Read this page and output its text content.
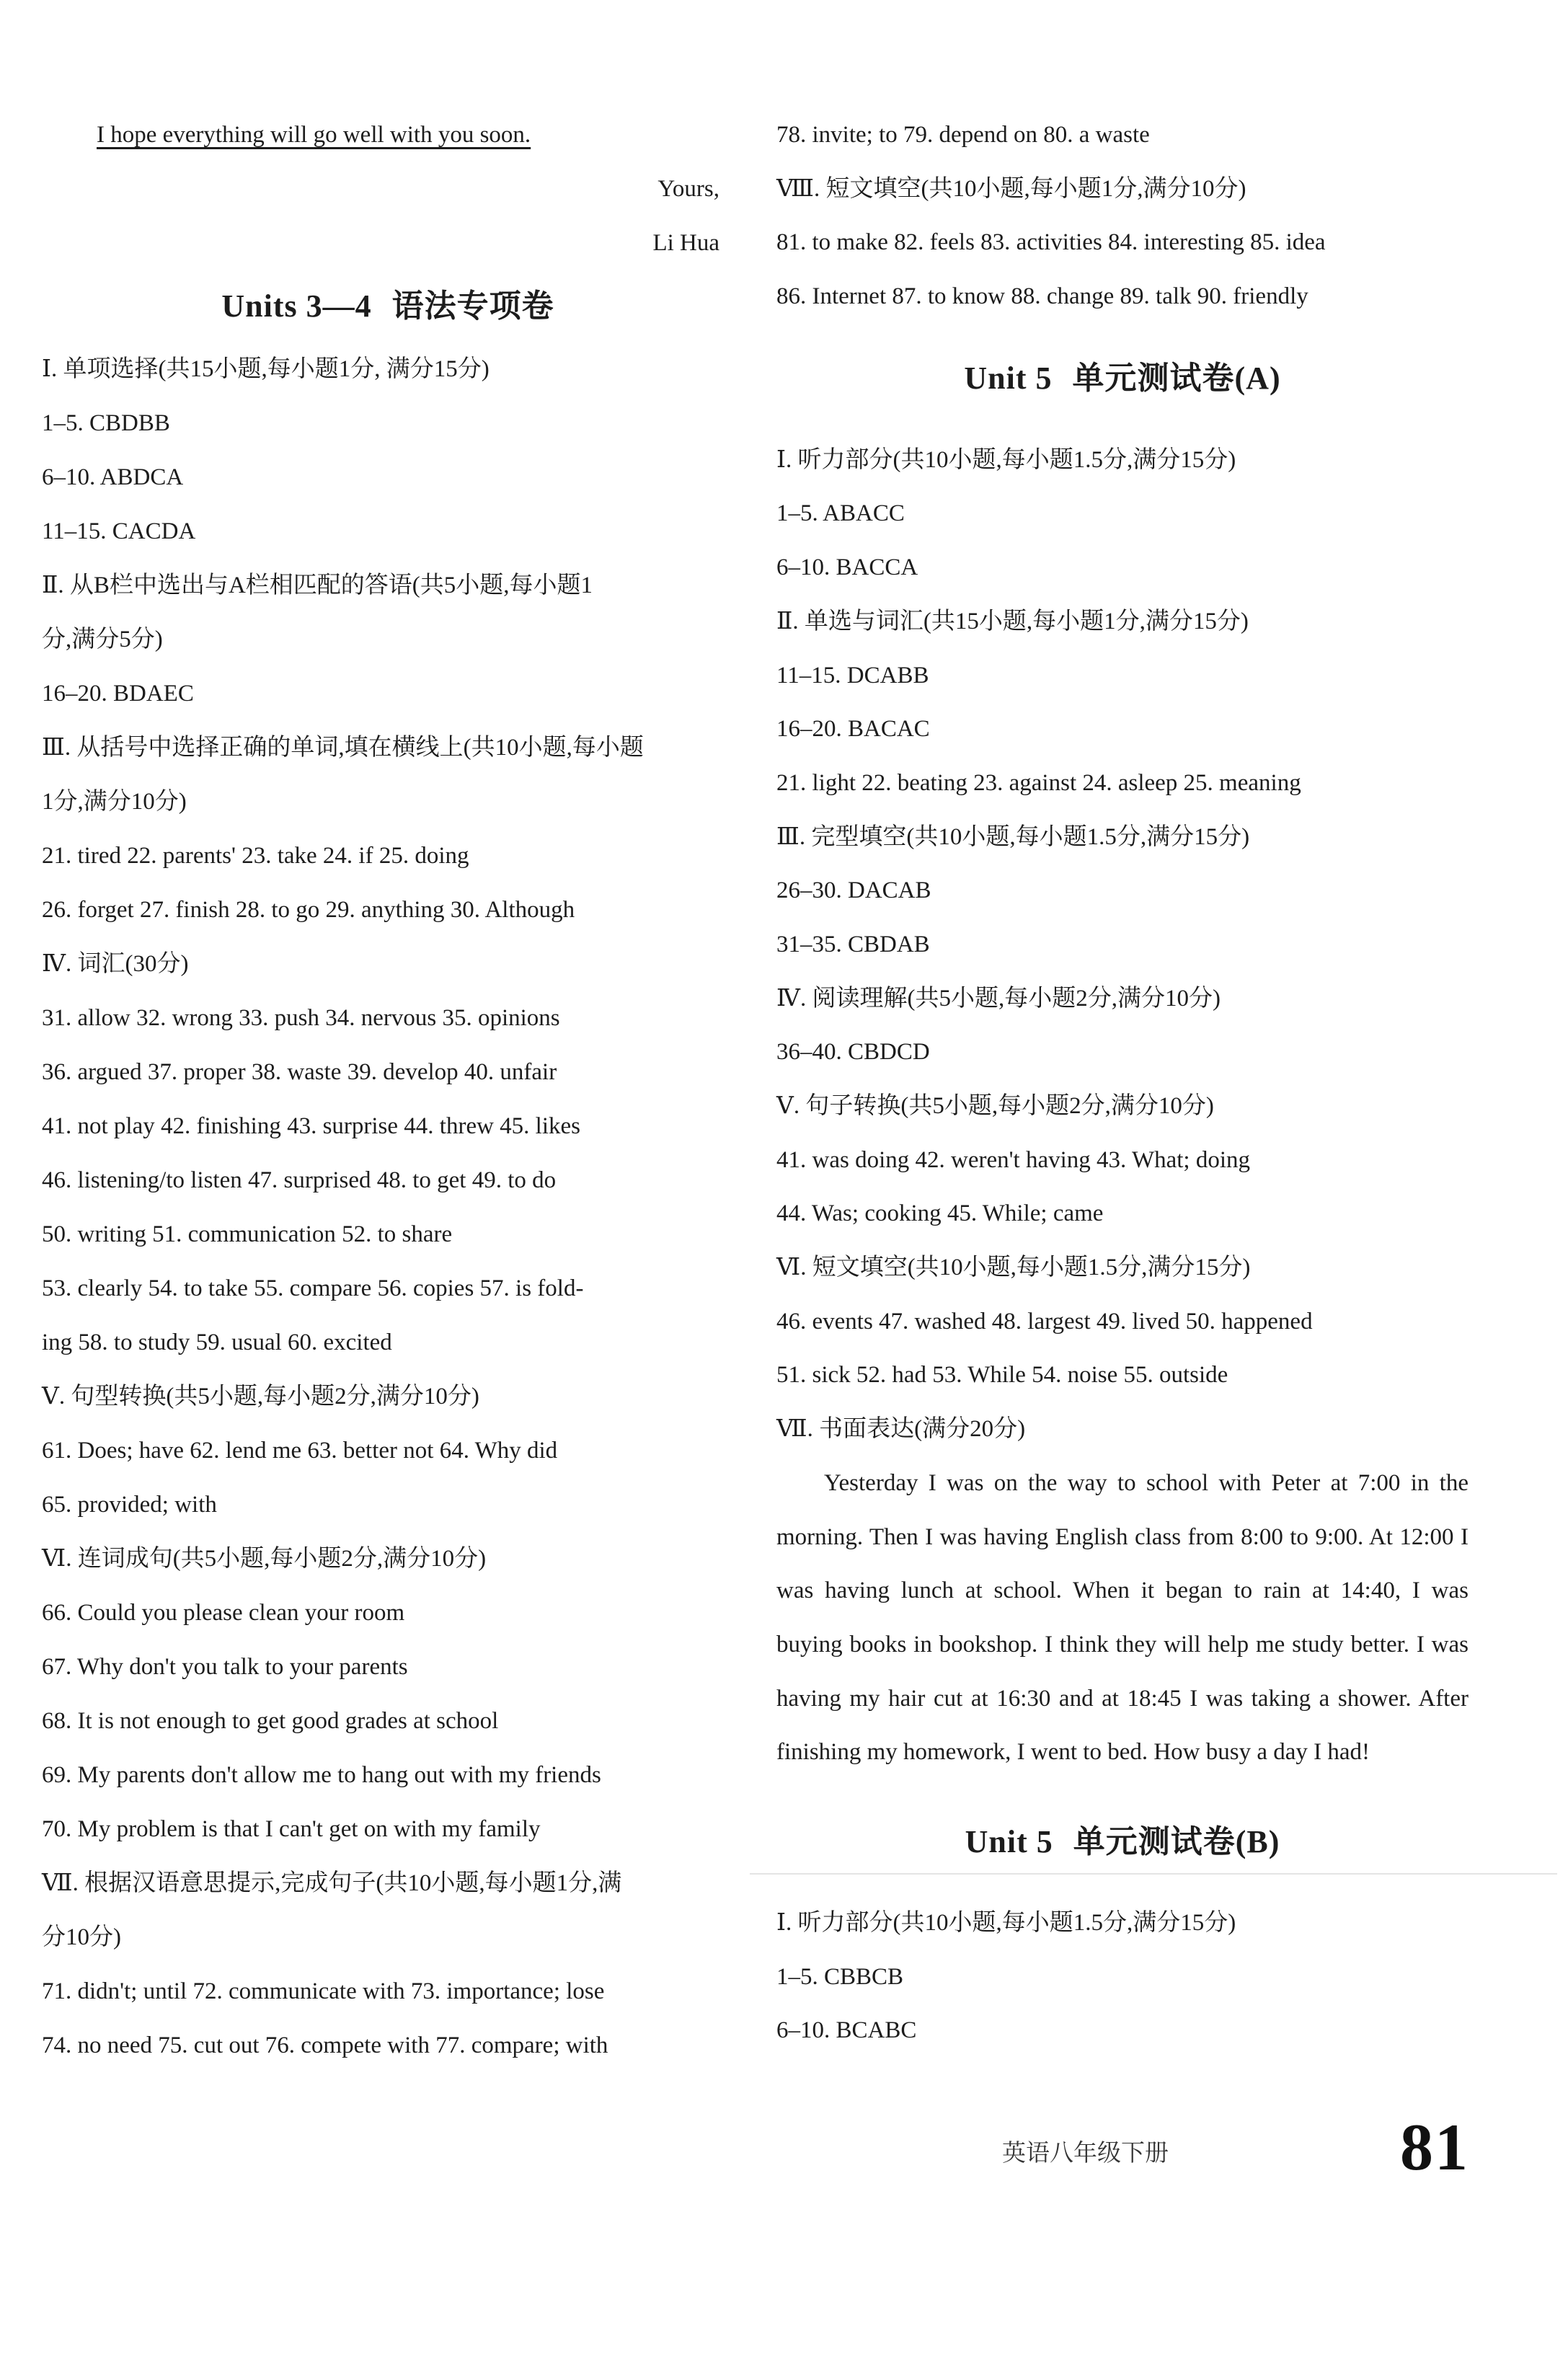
I hope everything will go well with you soon.
Yours,
Li Hua
Units 3—4 语法专项卷
Ⅰ. 单项选择(共15小题,每小题1分, 满分15分)
1–5. CBDBB
6–10. ABDCA
11–15. CACDA
Ⅱ. 从B栏中选出与A栏相匹配的答语(共5小题,每小题1
分,满分5分)
16–20. BDAEC
Ⅲ. 从括号中选择正确的单词,填在横线上(共10小题,每小题
1分,满分10分)
21. tired 22. parents' 23. take 24. if 25. doing
26. forget 27. finish 28. to go 29. anything 30. Although
Ⅳ. 词汇(30分)
31. allow 32. wrong 33. push 34. nervous 35. opinions
36. argued 37. proper 38. waste 39. develop 40. unfair
41. not play 42. finishing 43. surprise 44. threw 45. likes
46. listening/to listen 47. surprised 48. to get 49. to do
50. writing 51. communication 52. to share
53. clearly 54. to take 55. compare 56. copies 57. is fold-
ing 58. to study 59. usual 60. excited
Ⅴ. 句型转换(共5小题,每小题2分,满分10分)
61. Does; have 62. lend me 63. better not 64. Why did
65. provided; with
Ⅵ. 连词成句(共5小题,每小题2分,满分10分)
66. Could you please clean your room
67. Why don't you talk to your parents
68. It is not enough to get good grades at school
69. My parents don't allow me to hang out with my friends
70. My problem is that I can't get on with my family
Ⅶ. 根据汉语意思提示,完成句子(共10小题,每小题1分,满
分10分)
71. didn't; until 72. communicate with 73. importance; lose
74. no need 75. cut out 76. compete with 77. compare; with
78. invite; to 79. depend on 80. a waste
Ⅷ. 短文填空(共10小题,每小题1分,满分10分)
81. to make 82. feels 83. activities 84. interesting 85. idea
86. Internet 87. to know 88. change 89. talk 90. friendly
Unit 5 单元测试卷(A)
Ⅰ. 听力部分(共10小题,每小题1.5分,满分15分)
1–5. ABACC
6–10. BACCA
Ⅱ. 单选与词汇(共15小题,每小题1分,满分15分)
11–15. DCABB
16–20. BACAC
21. light 22. beating 23. against 24. asleep 25. meaning
Ⅲ. 完型填空(共10小题,每小题1.5分,满分15分)
26–30. DACAB
31–35. CBDAB
Ⅳ. 阅读理解(共5小题,每小题2分,满分10分)
36–40. CBDCD
Ⅴ. 句子转换(共5小题,每小题2分,满分10分)
41. was doing 42. weren't having 43. What; doing
44. Was; cooking 45. While; came
Ⅵ. 短文填空(共10小题,每小题1.5分,满分15分)
46. events 47. washed 48. largest 49. lived 50. happened
51. sick 52. had 53. While 54. noise 55. outside
Ⅶ. 书面表达(满分20分)
Yesterday I was on the way to school with Peter at 7:00 in the morning. Then I was having English class from 8:00 to 9:00. At 12:00 I was having lunch at school. When it began to rain at 14:40, I was buying books in bookshop. I think they will help me study better. I was having my hair cut at 16:30 and at 18:45 I was taking a shower. After finishing my homework, I went to bed. How busy a day I had!
Unit 5 单元测试卷(B)
Ⅰ. 听力部分(共10小题,每小题1.5分,满分15分)
1–5. CBBCB
6–10. BCABC
英语八年级下册	81
